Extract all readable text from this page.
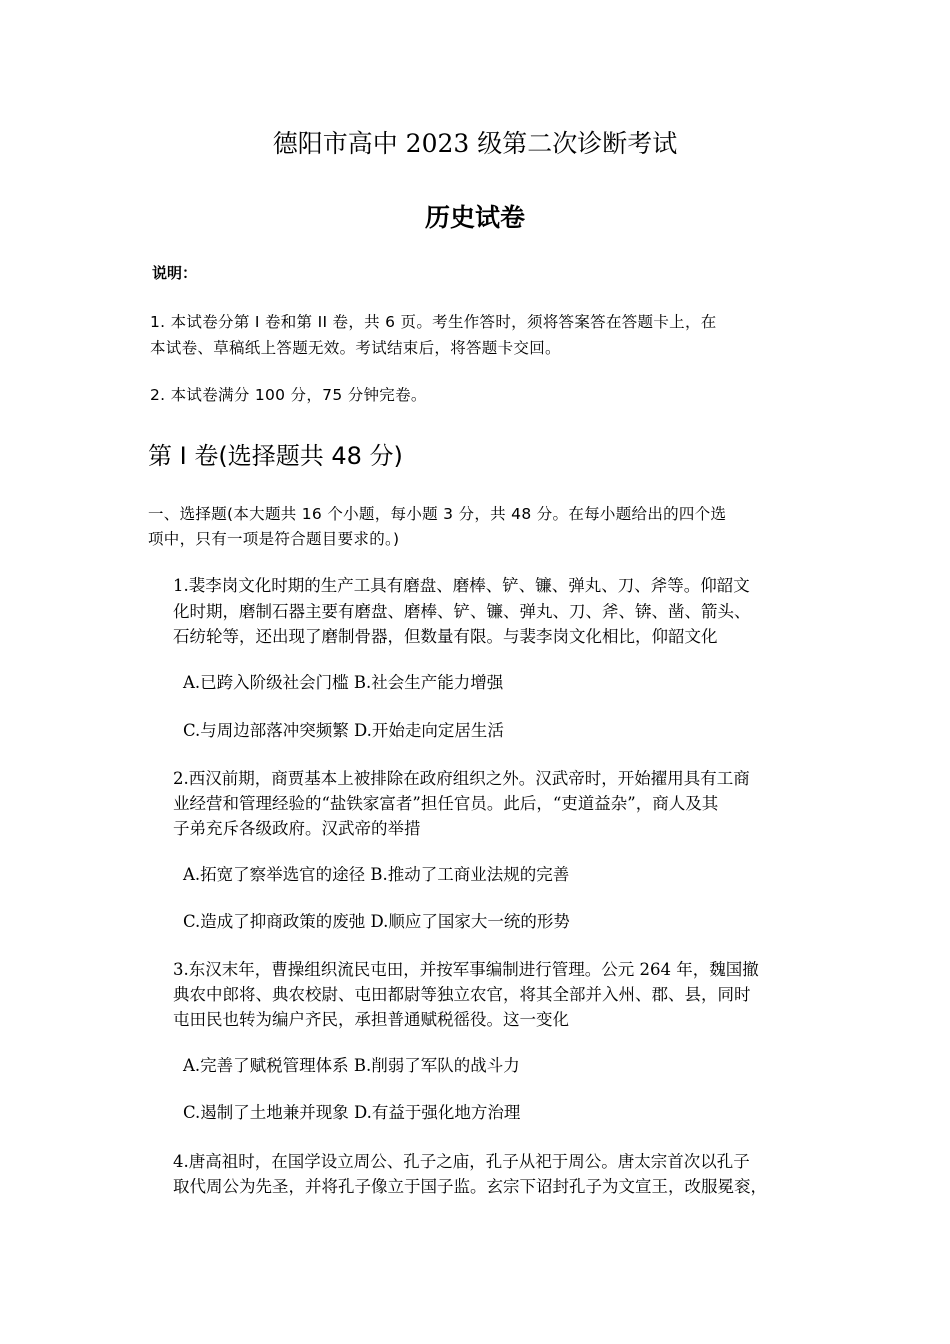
德阳市高中 2023 级第二次诊断考试
历史试卷
说明：
1. 本试卷分第 I 卷和第 II 卷，共 6 页。考生作答时，须将答案答在答题卡上，在
本试卷、草稿纸上答题无效。考试结束后，将答题卡交回。
2. 本试卷满分 100 分，75 分钟完卷。
第 I 卷(选择题共 48 分)
一、选择题(本大题共 16 个小题，每小题 3 分，共 48 分。在每小题给出的四个选
项中，只有一项是符合题目要求的。)
1.裴李岗文化时期的生产工具有磨盘、磨棒、铲、镰、弹丸、刀、斧等。仰韶文
化时期，磨制石器主要有磨盘、磨棒、铲、镰、弹丸、刀、斧、锛、凿、箭头、
石纺轮等，还出现了磨制骨器，但数量有限。与裴李岗文化相比，仰韶文化
A.已跨入阶级社会门槛 B.社会生产能力增强
C.与周边部落冲突频繁 D.开始走向定居生活
2.西汉前期，商贾基本上被排除在政府组织之外。汉武帝时，开始擢用具有工商
业经营和管理经验的“盐铁家富者”担任官员。此后，“吏道益杂”，商人及其
子弟充斥各级政府。汉武帝的举措
A.拓宽了察举选官的途径 B.推动了工商业法规的完善
C.造成了抑商政策的废弛 D.顺应了国家大一统的形势
3.东汉末年，曹操组织流民屯田，并按军事编制进行管理。公元 264 年，魏国撤
典农中郎将、典农校尉、屯田都尉等独立农官，将其全部并入州、郡、县，同时
屯田民也转为编户齐民，承担普通赋税徭役。这一变化
A.完善了赋税管理体系 B.削弱了军队的战斗力
C.遏制了土地兼并现象 D.有益于强化地方治理
4.唐高祖时，在国学设立周公、孔子之庙，孔子从祀于周公。唐太宗首次以孔子
取代周公为先圣，并将孔子像立于国子监。玄宗下诏封孔子为文宣王，改服冕衮，
